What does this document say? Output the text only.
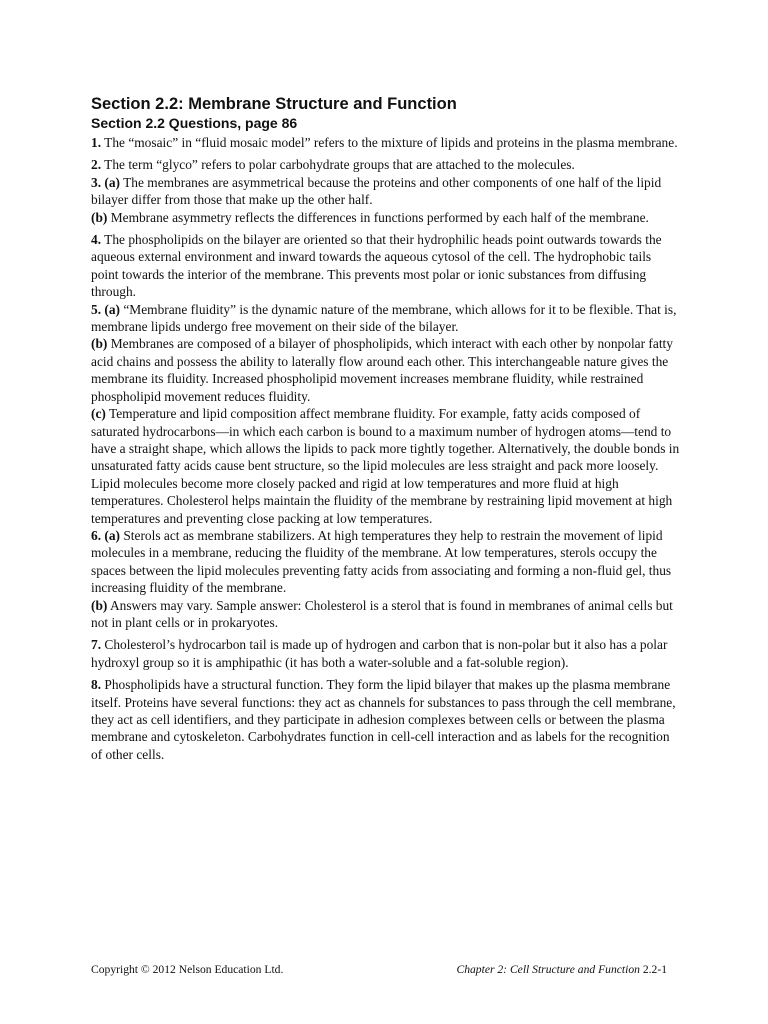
Section 2.2: Membrane Structure and Function
Section 2.2 Questions, page 86

1. The “mosaic” in “fluid mosaic model” refers to the mixture of lipids and proteins in the plasma membrane.

2. The term “glyco” refers to polar carbohydrate groups that are attached to the molecules.

3. (a) The membranes are asymmetrical because the proteins and other components of one half of the lipid bilayer differ from those that make up the other half.

(b) Membrane asymmetry reflects the differences in functions performed by each half of the membrane.

4. The phospholipids on the bilayer are oriented so that their hydrophilic heads point outwards towards the aqueous external environment and inward towards the aqueous cytosol of the cell. The hydrophobic tails point towards the interior of the membrane. This prevents most polar or ionic substances from diffusing through.

5. (a) “Membrane fluidity” is the dynamic nature of the membrane, which allows for it to be flexible. That is, membrane lipids undergo free movement on their side of the bilayer.

(b) Membranes are composed of a bilayer of phospholipids, which interact with each other by nonpolar fatty acid chains and possess the ability to laterally flow around each other. This interchangeable nature gives the membrane its fluidity. Increased phospholipid movement increases membrane fluidity, while restrained phospholipid movement reduces fluidity.

(c) Temperature and lipid composition affect membrane fluidity. For example, fatty acids composed of saturated hydrocarbons—in which each carbon is bound to a maximum number of hydrogen atoms—tend to have a straight shape, which allows the lipids to pack more tightly together. Alternatively, the double bonds in unsaturated fatty acids cause bent structure, so the lipid molecules are less straight and pack more loosely. Lipid molecules become more closely packed and rigid at low temperatures and more fluid at high temperatures. Cholesterol helps maintain the fluidity of the membrane by restraining lipid movement at high temperatures and preventing close packing at low temperatures.

6. (a) Sterols act as membrane stabilizers. At high temperatures they help to restrain the movement of lipid molecules in a membrane, reducing the fluidity of the membrane. At low temperatures, sterols occupy the spaces between the lipid molecules preventing fatty acids from associating and forming a non-fluid gel, thus increasing fluidity of the membrane.

(b) Answers may vary. Sample answer: Cholesterol is a sterol that is found in membranes of animal cells but not in plant cells or in prokaryotes.

7. Cholesterol’s hydrocarbon tail is made up of hydrogen and carbon that is non-polar but it also has a polar hydroxyl group so it is amphipathic (it has both a water-soluble and a fat-soluble region).

8. Phospholipids have a structural function. They form the lipid bilayer that makes up the plasma membrane itself. Proteins have several functions: they act as channels for substances to pass through the cell membrane, they act as cell identifiers, and they participate in adhesion complexes between cells or between the plasma membrane and cytoskeleton. Carbohydrates function in cell-cell interaction and as labels for the recognition of other cells.

Copyright © 2012 Nelson Education Ltd.	Chapter 2: Cell Structure and Function 2.2-1
